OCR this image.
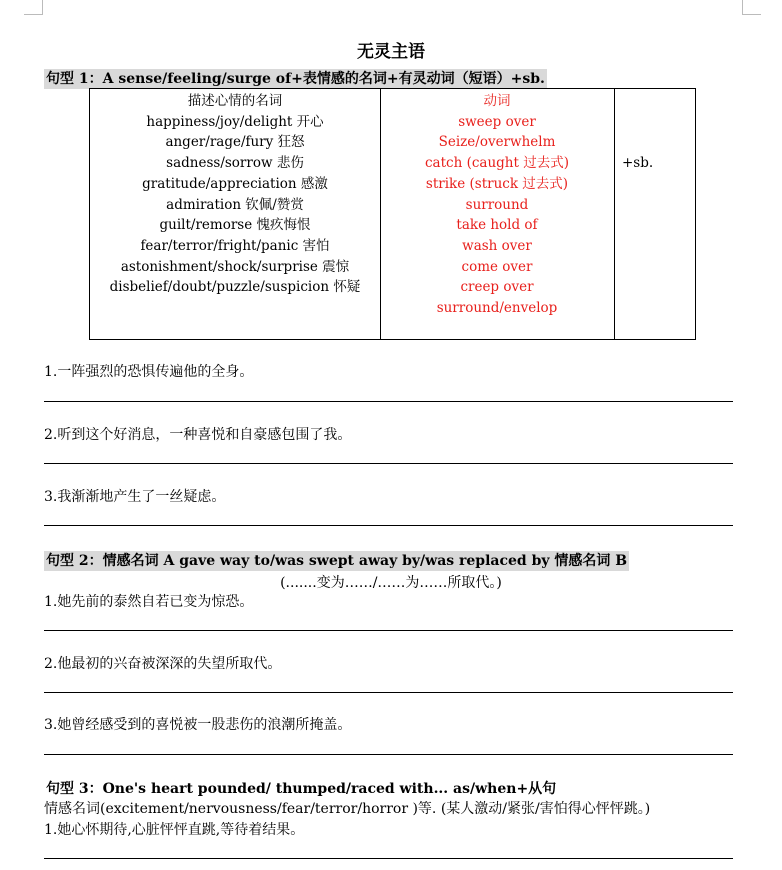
无灵主语
句型 1：A sense/feeling/surge of+表情感的名词+有灵动词（短语）+sb.
描述心情的名词
happiness/joy/delight 开心
anger/rage/fury 狂怒
sadness/sorrow 悲伤
gratitude/appreciation 感激
admiration 钦佩/赞赏
guilt/remorse 愧疚悔恨
fear/terror/fright/panic 害怕
astonishment/shock/surprise 震惊
disbelief/doubt/puzzle/suspicion 怀疑
动词
sweep over
Seize/overwhelm
catch (caught 过去式)
strike (struck 过去式)
surround
take hold of
wash over
come over
creep over
surround/envelop
+sb.
1.一阵强烈的恐惧传遍他的全身。
2.听到这个好消息，一种喜悦和自豪感包围了我。
3.我渐渐地产生了一丝疑虑。
句型 2：情感名词 A gave way to/was swept away by/was replaced by 情感名词 B
(.......变为……/……为……所取代。)
1.她先前的泰然自若已变为惊恐。
2.他最初的兴奋被深深的失望所取代。
3.她曾经感受到的喜悦被一股悲伤的浪潮所掩盖。
句型 3：One's heart pounded/ thumped/raced with... as/when+从句
情感名词(excitement/nervousness/fear/terror/horror )等. (某人激动/紧张/害怕得心怦怦跳。)
1.她心怀期待,心脏怦怦直跳,等待着结果。
